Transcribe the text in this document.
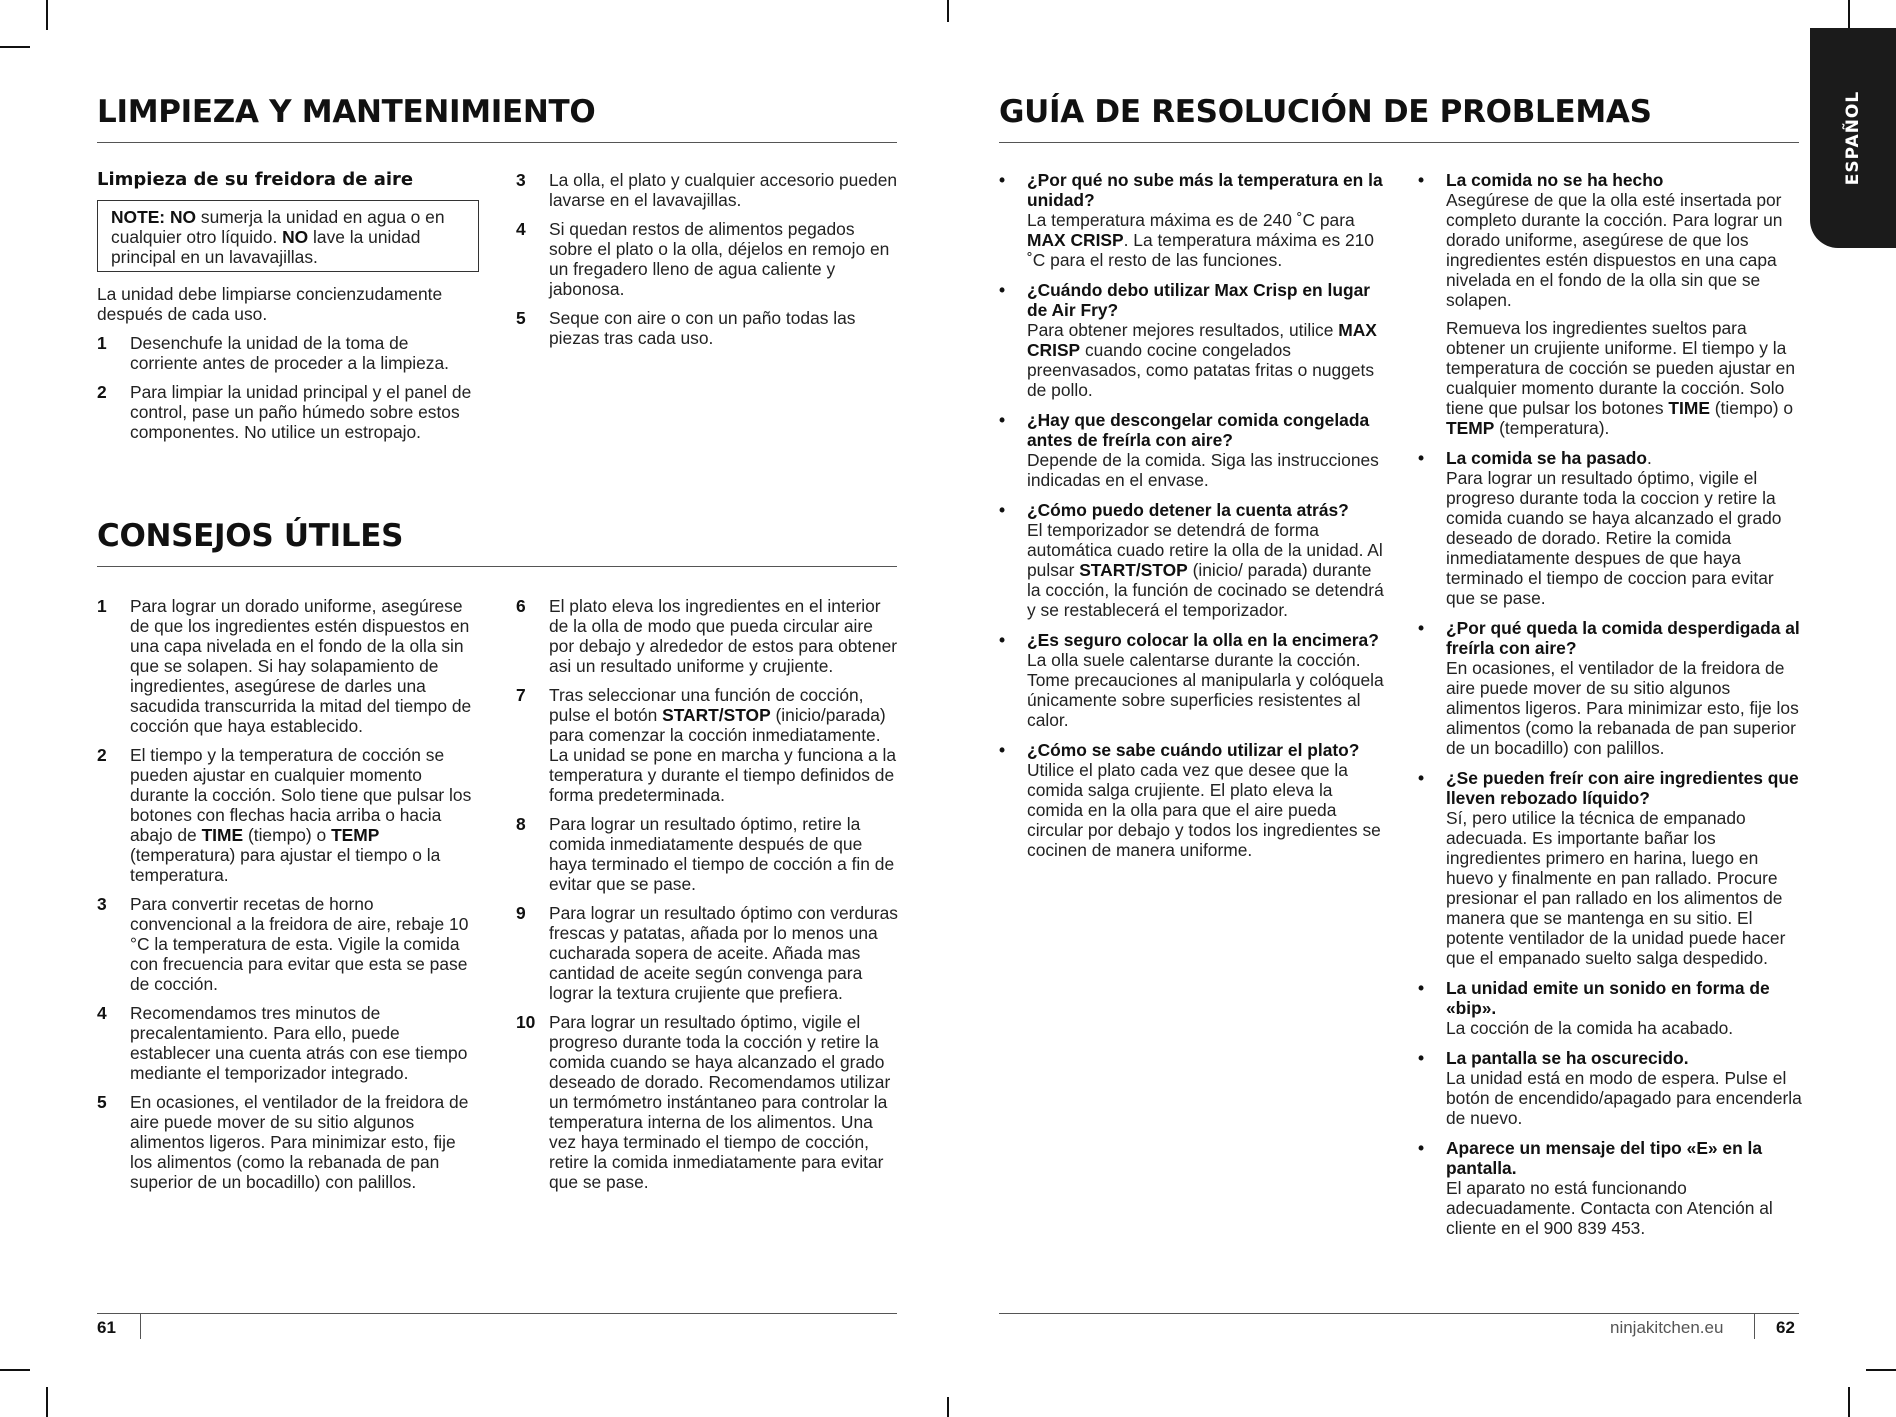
ESPAÑOL
LIMPIEZA Y MANTENIMIENTO

Limpieza de su freidora de aire

NOTE: NO sumerja la unidad en agua o en cualquier otro líquido. NO lave la unidad principal en un lavavajillas.

La unidad debe limpiarse concienzudamente después de cada uso.

1	Desenchufe la unidad de la toma de corriente antes de proceder a la limpieza.
2	Para limpiar la unidad principal y el panel de control, pase un paño húmedo sobre estos componentes. No utilice un estropajo.
3	La olla, el plato y cualquier accesorio pueden lavarse en el lavavajillas.
4	Si quedan restos de alimentos pegados sobre el plato o la olla, déjelos en remojo en un fregadero lleno de agua caliente y jabonosa.
5	Seque con aire o con un paño todas las piezas tras cada uso.
CONSEJOS ÚTILES
1	Para lograr un dorado uniforme, asegúrese de que los ingredientes estén dispuestos en una capa nivelada en el fondo de la olla sin que se solapen. Si hay solapamiento de ingredientes, asegúrese de darles una sacudida transcurrida la mitad del tiempo de cocción que haya establecido.
2	El tiempo y la temperatura de cocción se pueden ajustar en cualquier momento durante la cocción. Solo tiene que pulsar los botones con flechas hacia arriba o hacia abajo de TIME (tiempo) o TEMP (temperatura) para ajustar el tiempo o la temperatura.
3	Para convertir recetas de horno convencional a la freidora de aire, rebaje 10 °C la temperatura de esta. Vigile la comida con frecuencia para evitar que esta se pase de cocción.
4	Recomendamos tres minutos de precalentamiento. Para ello, puede establecer una cuenta atrás con ese tiempo mediante el temporizador integrado.
5	En ocasiones, el ventilador de la freidora de aire puede mover de su sitio algunos alimentos ligeros. Para minimizar esto, fije los alimentos (como la rebanada de pan superior de un bocadillo) con palillos.
6	El plato eleva los ingredientes en el interior de la olla de modo que pueda circular aire por debajo y alrededor de estos para obtener asi un resultado uniforme y crujiente.
7	Tras seleccionar una función de cocción, pulse el botón START/STOP (inicio/parada) para comenzar la cocción inmediatamente. La unidad se pone en marcha y funciona a la temperatura y durante el tiempo definidos de forma predeterminada.
8	Para lograr un resultado óptimo, retire la comida inmediatamente después de que haya terminado el tiempo de cocción a fin de evitar que se pase.
9	Para lograr un resultado óptimo con verduras frescas y patatas, añada por lo menos una cucharada sopera de aceite. Añada mas cantidad de aceite según convenga para lograr la textura crujiente que prefiera.
10 Para lograr un resultado óptimo, vigile el progreso durante toda la cocción y retire la comida cuando se haya alcanzado el grado deseado de dorado. Recomendamos utilizar un termómetro instántaneo para controlar la temperatura interna de los alimentos. Una vez haya terminado el tiempo de cocción, retire la comida inmediatamente para evitar que se pase.
61
GUÍA DE RESOLUCIÓN DE PROBLEMAS
•	¿Por qué no sube más la temperatura en la unidad?
La temperatura máxima es de 240 ˚C para MAX CRISP. La temperatura máxima es 210 ˚C para el resto de las funciones.
•	¿Cuándo debo utilizar Max Crisp en lugar de Air Fry?
Para obtener mejores resultados, utilice MAX CRISP cuando cocine congelados preenvasados, como patatas fritas o nuggets de pollo.
•	¿Hay que descongelar comida congelada antes de freírla con aire?
Depende de la comida. Siga las instrucciones indicadas en el envase.
•	¿Cómo puedo detener la cuenta atrás?
El temporizador se detendrá de forma automática cuado retire la olla de la unidad. Al pulsar START/STOP (inicio/ parada) durante la cocción, la función de cocinado se detendrá y se restablecerá el temporizador.
•	¿Es seguro colocar la olla en la encimera?
La olla suele calentarse durante la cocción. Tome precauciones al manipularla y colóquela únicamente sobre superficies resistentes al calor.
•	¿Cómo se sabe cuándo utilizar el plato?
Utilice el plato cada vez que desee que la comida salga crujiente. El plato eleva la comida en la olla para que el aire pueda circular por debajo y todos los ingredientes se cocinen de manera uniforme.
•	La comida no se ha hecho
Asegúrese de que la olla esté insertada por completo durante la cocción. Para lograr un dorado uniforme, asegúrese de que los ingredientes estén dispuestos en una capa nivelada en el fondo de la olla sin que se solapen.

Remueva los ingredientes sueltos para obtener un crujiente uniforme. El tiempo y la temperatura de cocción se pueden ajustar en cualquier momento durante la cocción. Solo tiene que pulsar los botones TIME (tiempo) o TEMP (temperatura).

•	La comida se ha pasado.
Para lograr un resultado óptimo, vigile el progreso durante toda la coccion y retire la comida cuando se haya alcanzado el grado deseado de dorado. Retire la comida inmediatamente despues de que haya terminado el tiempo de coccion para evitar que se pase.
•	¿Por qué queda la comida desperdigada al freírla con aire?
En ocasiones, el ventilador de la freidora de aire puede mover de su sitio algunos alimentos ligeros. Para minimizar esto, fije los alimentos (como la rebanada de pan superior de un bocadillo) con palillos.
•	¿Se pueden freír con aire ingredientes que lleven rebozado líquido?
Sí, pero utilice la técnica de empanado adecuada. Es importante bañar los ingredientes primero en harina, luego en huevo y finalmente en pan rallado. Procure presionar el pan rallado en los alimentos de manera que se mantenga en su sitio. El potente ventilador de la unidad puede hacer que el empanado suelto salga despedido.
•	La unidad emite un sonido en forma de «bip».
La cocción de la comida ha acabado.
•	La pantalla se ha oscurecido.
La unidad está en modo de espera. Pulse el botón de encendido/apagado para encenderla de nuevo.
•	Aparece un mensaje del tipo «E» en la pantalla.
El aparato no está funcionando adecuadamente. Contacta con Atención al cliente en el 900 839 453.
ninjakitchen.eu	62
